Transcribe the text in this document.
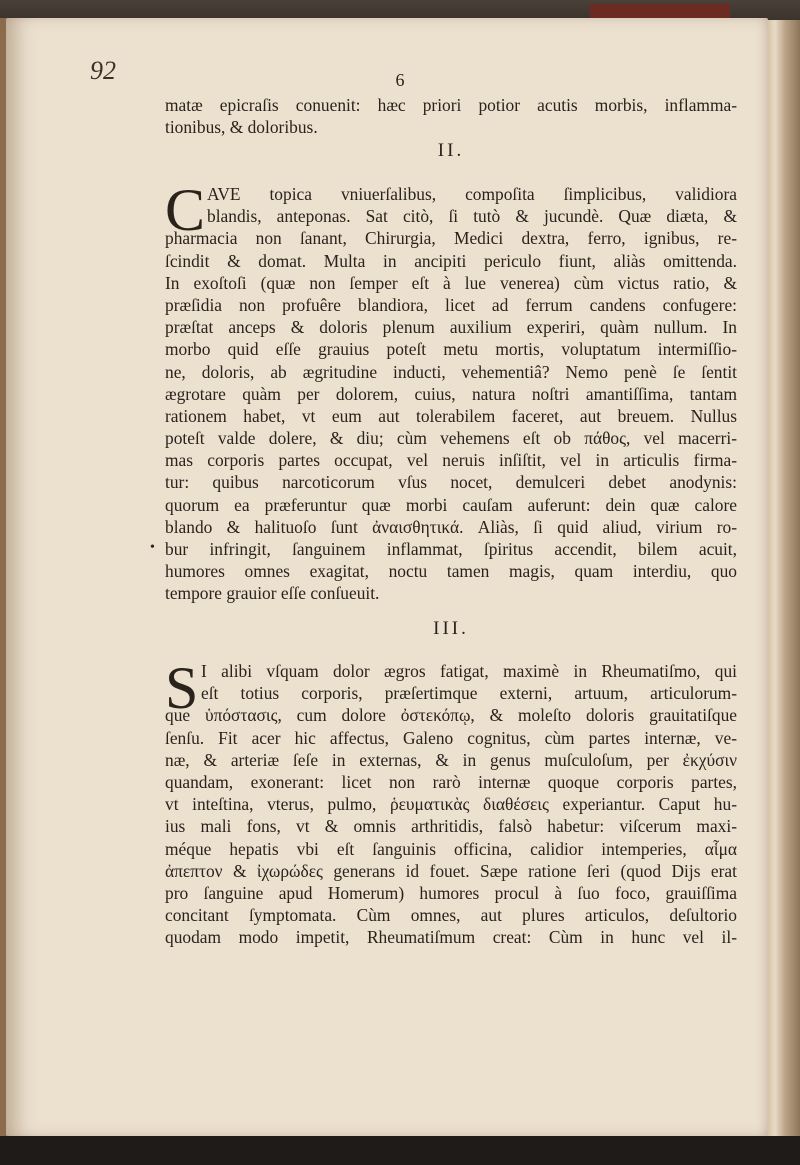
92	6
matæ epicraſis conuenit: hæc priori potior acutis morbis, inflamma-
tionibus, & doloribus.
II.
C AVE topica vniuerſalibus, compoſita ſimplicibus, validiora
blandis, anteponas. Sat citò, ſi tutò & jucundè. Quæ diæta, &
pharmacia non ſanant, Chirurgia, Medici dextra, ferro, ignibus, re-
ſcindit & domat. Multa in ancipiti periculo fiunt, aliàs omittenda.
In exoſtoſi (quæ non ſemper eſt à lue venerea) cùm victus ratio, &
præſidia non profuêre blandiora, licet ad ferrum candens confugere:
præſtat anceps & doloris plenum auxilium experiri, quàm nullum. In
morbo quid eſſe grauius poteſt metu mortis, voluptatum intermiſſio-
ne, doloris, ab ægritudine inducti, vehementiâ? Nemo penè ſe ſentit
ægrotare quàm per dolorem, cuius, natura noſtri amantiſſima, tantam
rationem habet, vt eum aut tolerabilem faceret, aut breuem. Nullus
poteſt valde dolere, & diu; cùm vehemens eſt ob πάθος, vel macerri-
mas corporis partes occupat, vel neruis inſiſtit, vel in articulis firma-
tur: quibus narcoticorum vſus nocet, demulceri debet anodynis:
quorum ea præferuntur quæ morbi cauſam auferunt: dein quæ calore
blando & halituoſo ſunt ἀναισθητικά. Aliàs, ſi quid aliud, virium ro-
bur infringit, ſanguinem inflammat, ſpiritus accendit, bilem acuit,
humores omnes exagitat, noctu tamen magis, quam interdiu, quo
tempore grauior eſſe conſueuit.
•
III.
S I alibi vſquam dolor ægros fatigat, maximè in Rheumatiſmo, qui
eſt totius corporis, præſertimque externi, artuum, articulorum-
que ὑπόστασις, cum dolore ὀστεκόπῳ, & moleſto doloris grauitatiſque
ſenſu. Fit acer hic affectus, Galeno cognitus, cùm partes internæ, ve-
næ, & arteriæ ſeſe in externas, & in genus muſculoſum, per ἐκχύσιν
quandam, exonerant: licet non rarò internæ quoque corporis partes,
vt inteſtina, vterus, pulmo, ῥευματικὰς διαθέσεις experiantur. Caput hu-
ius mali fons, vt & omnis arthritidis, falsò habetur: viſcerum maxi-
méque hepatis vbi eſt ſanguinis officina, calidior intemperies, αἷμα
ἀπεπτον & ἰχωρώδες generans id fouet. Sæpe ratione ſeri (quod Dijs erat
pro ſanguine apud Homerum) humores procul à ſuo foco, grauiſſima
concitant ſymptomata. Cùm omnes, aut plures articulos, deſultorio
quodam modo impetit, Rheumatiſmum creat: Cùm in hunc vel il-
